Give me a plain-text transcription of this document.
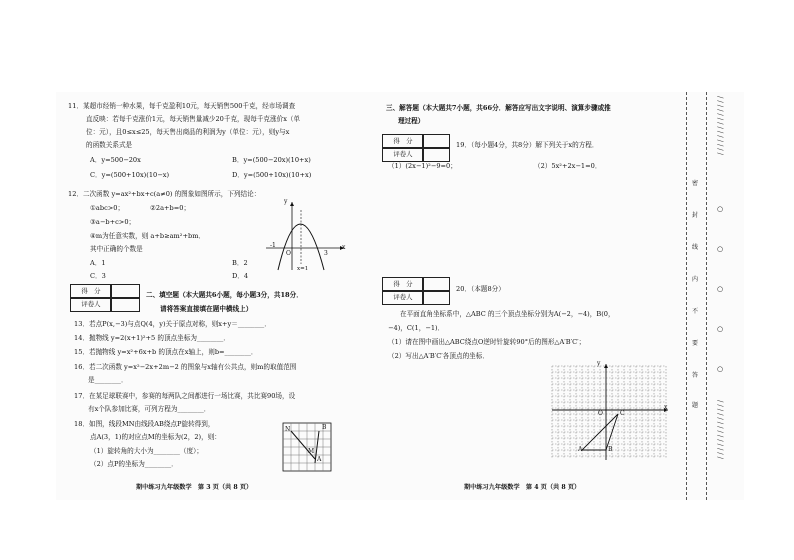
11．某超市经销一种水果，每千克盈利10元，每天销售500千克，经市场调查
直反映：若每千克涨价1元，每天销售量减少20千克，现每千克涨价x（单
位：元），且0≤x≤25，每天售出商品的利润为y（单位：元），则y与x
的函数关系式是
A．y=500−20x	B．y=(500−20x)(10+x)
C．y=(500+10x)(10−x)	D．y=(500+10x)(10+x)
12．二次函数 y=ax²+bx+c(a≠0) 的图象如图所示，下列结论：
①abc>0；	②2a+b=0；
③a−b+c>0；
④m为任意实数，则 a+b≥am²+bm．
其中正确的个数是
A．1	B．2
C．3	D．4
y
x
O
-1
3
x=1
得　分
评卷人
二、填空题（本大题共6小题，每小题3分，共18分．
请将答案直接填在题中横线上）
13．若点P(x,−3)与点Q(4，y)关于原点对称，则x+y＝________．
14．抛物线 y=2(x+1)²+5 的顶点坐标为________．
15．若抛物线 y=x²+6x+b 的顶点在x轴上，则b=________．
16．若二次函数 y=x²−2x+2m−2 的图象与x轴有公共点，则m的取值范围
是________．
17．在某足球联赛中，参赛的每两队之间都进行一场比赛，共比赛90场，设
有x个队参加比赛，可列方程为________．
18．如图，线段MN由线段AB绕点P旋转得到，
点A(3，1)的对应点M的坐标为(2，2)，则：
（1）旋转角的大小为________（度）；
（2）点P的坐标为________．
N
M
B
A
期中练习九年级数学　第 3 页（共 8 页）
三、解答题（本大题共7小题，共66分．解答应写出文字说明、演算步骤或推
理过程）
得　分
评卷人
19．（每小题4分，共8分）解下列关于x的方程．
（1）(2x−1)²−9=0；	（2）5x²+2x−1=0．
得　分
评卷人
20．（本题8分）
在平面直角坐标系中，△ABC 的三个顶点坐标分别为A(−2，−4)，B(0，
−4)，C(1，−1)．
（1）请在图中画出△ABC绕点O逆时针旋转90°后的图形△A′B′C′；
（2）写出△A′B′C′各顶点的坐标．
y
x
O	C
A	B
期中练习九年级数学　第 4 页（共 8 页）
//////////////
//////////////
密
封
线
内
不
要
答
题
○
○
○
○
○
